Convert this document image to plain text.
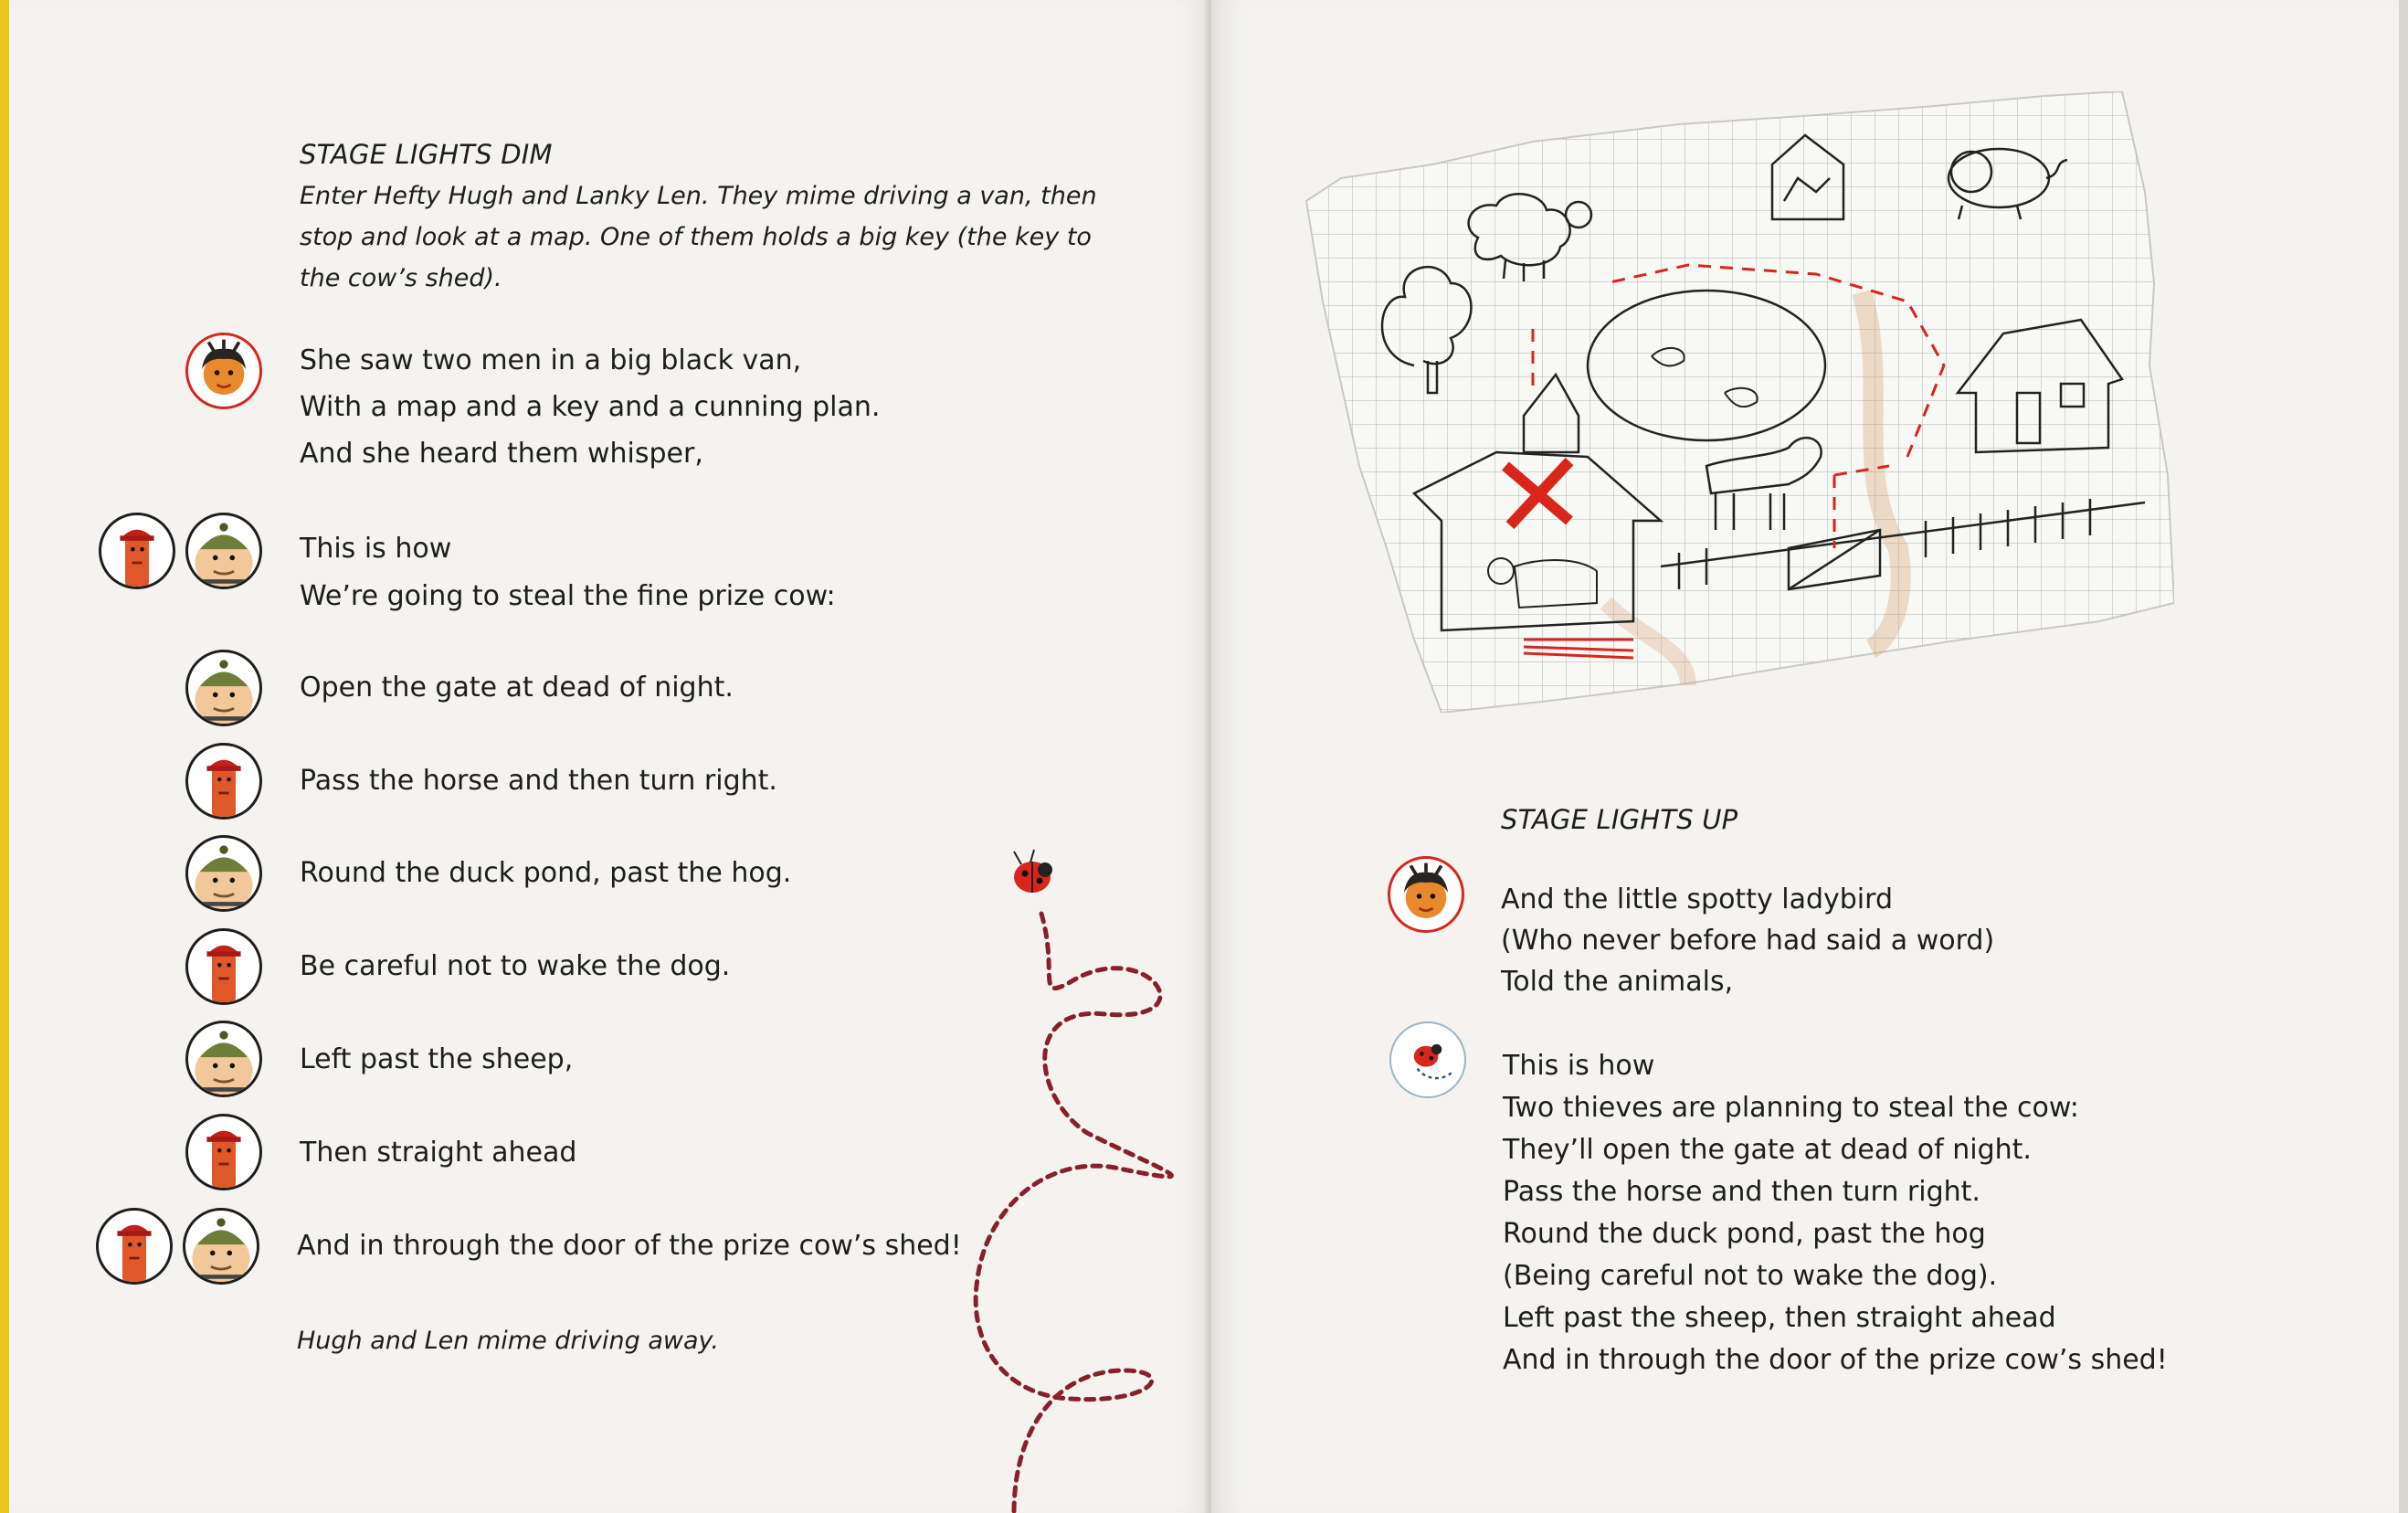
STAGE LIGHTS DIM
Enter Hefty Hugh and Lanky Len. They mime driving a van, then
stop and look at a map. One of them holds a big key (the key to
the cow’s shed).
She saw two men in a big black van,
With a map and a key and a cunning plan.
And she heard them whisper,
This is how
We’re going to steal the fine prize cow:
Open the gate at dead of night.
Pass the horse and then turn right.
Round the duck pond, past the hog.
Be careful not to wake the dog.
Left past the sheep,
Then straight ahead
And in through the door of the prize cow’s shed!
Hugh and Len mime driving away.
STAGE LIGHTS UP
And the little spotty ladybird
(Who never before had said a word)
Told the animals,
This is how
Two thieves are planning to steal the cow:
They’ll open the gate at dead of night.
Pass the horse and then turn right.
Round the duck pond, past the hog
(Being careful not to wake the dog).
Left past the sheep, then straight ahead
And in through the door of the prize cow’s shed!
